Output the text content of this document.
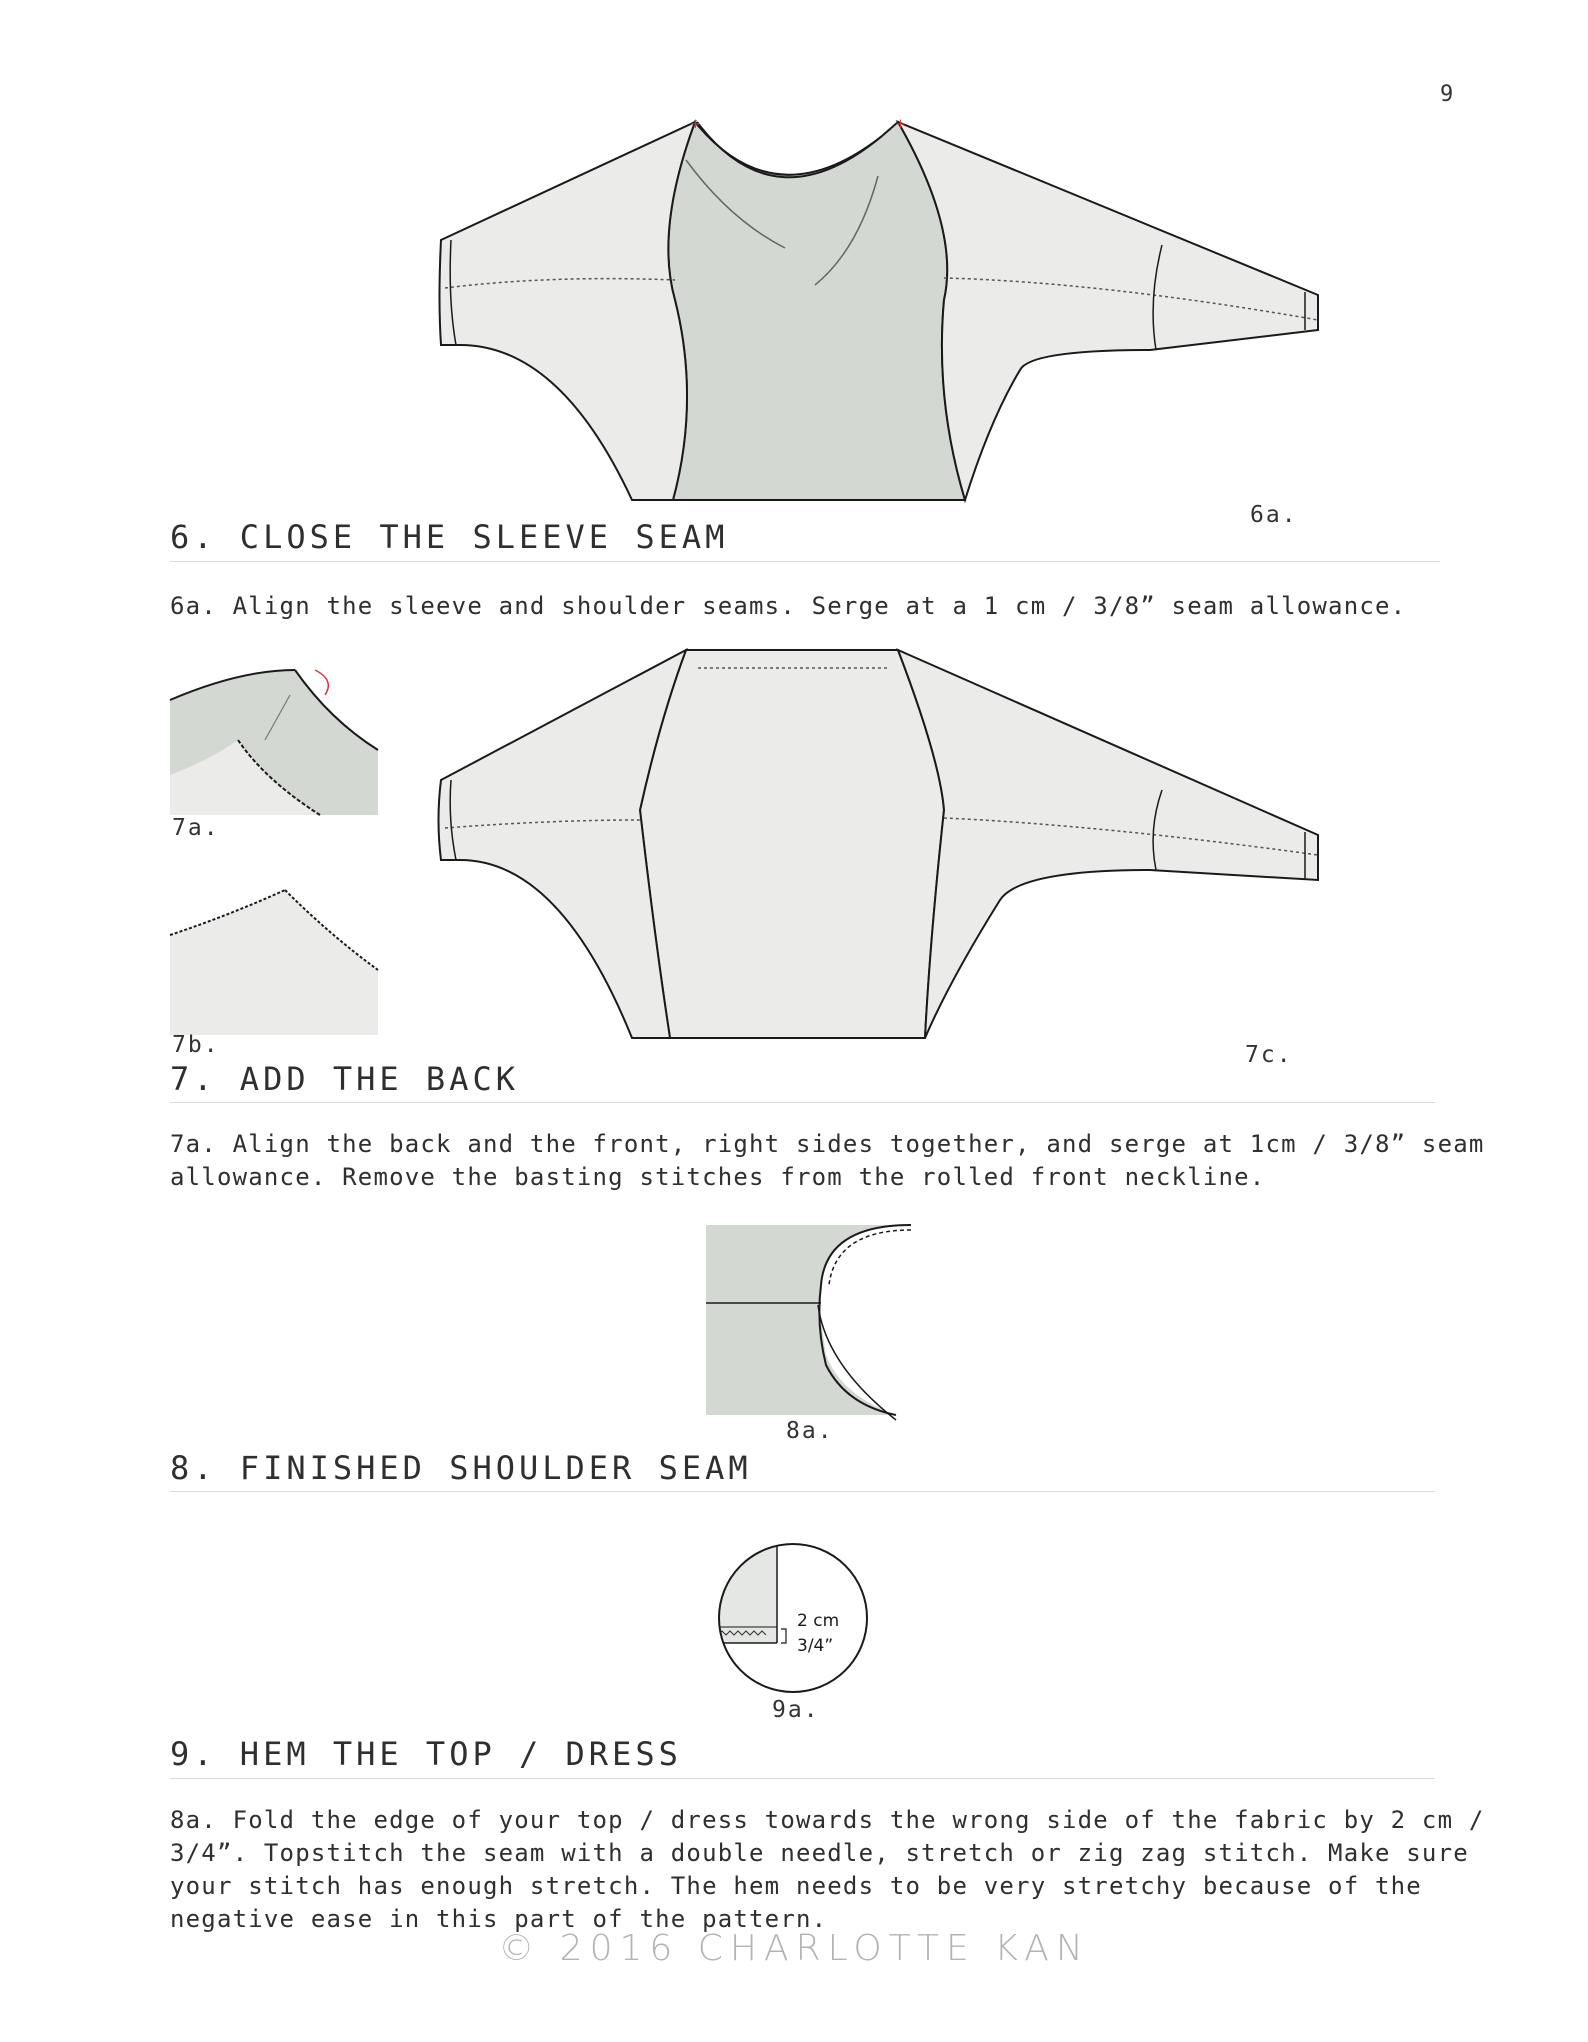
9
+	+
6a.
6. CLOSE THE SLEEVE SEAM
6a. Align the sleeve and shoulder seams. Serge at a 1 cm / 3/8” seam allowance.
7a.
7b.	7c.
7. ADD THE BACK
7a. Align the back and the front, right sides together, and serge at 1cm / 3/8” seam
allowance. Remove the basting stitches from the rolled front neckline.
8a.
8. FINISHED SHOULDER SEAM
2 cm
3/4”
9a.
9. HEM THE TOP / DRESS
8a. Fold the edge of your top / dress towards the wrong side of the fabric by 2 cm /
3/4”. Topstitch the seam with a double needle, stretch or zig zag stitch. Make sure
your stitch has enough stretch. The hem needs to be very stretchy because of the
negative ease in this part of the pattern.
© 2016 CHARLOTTE KAN
